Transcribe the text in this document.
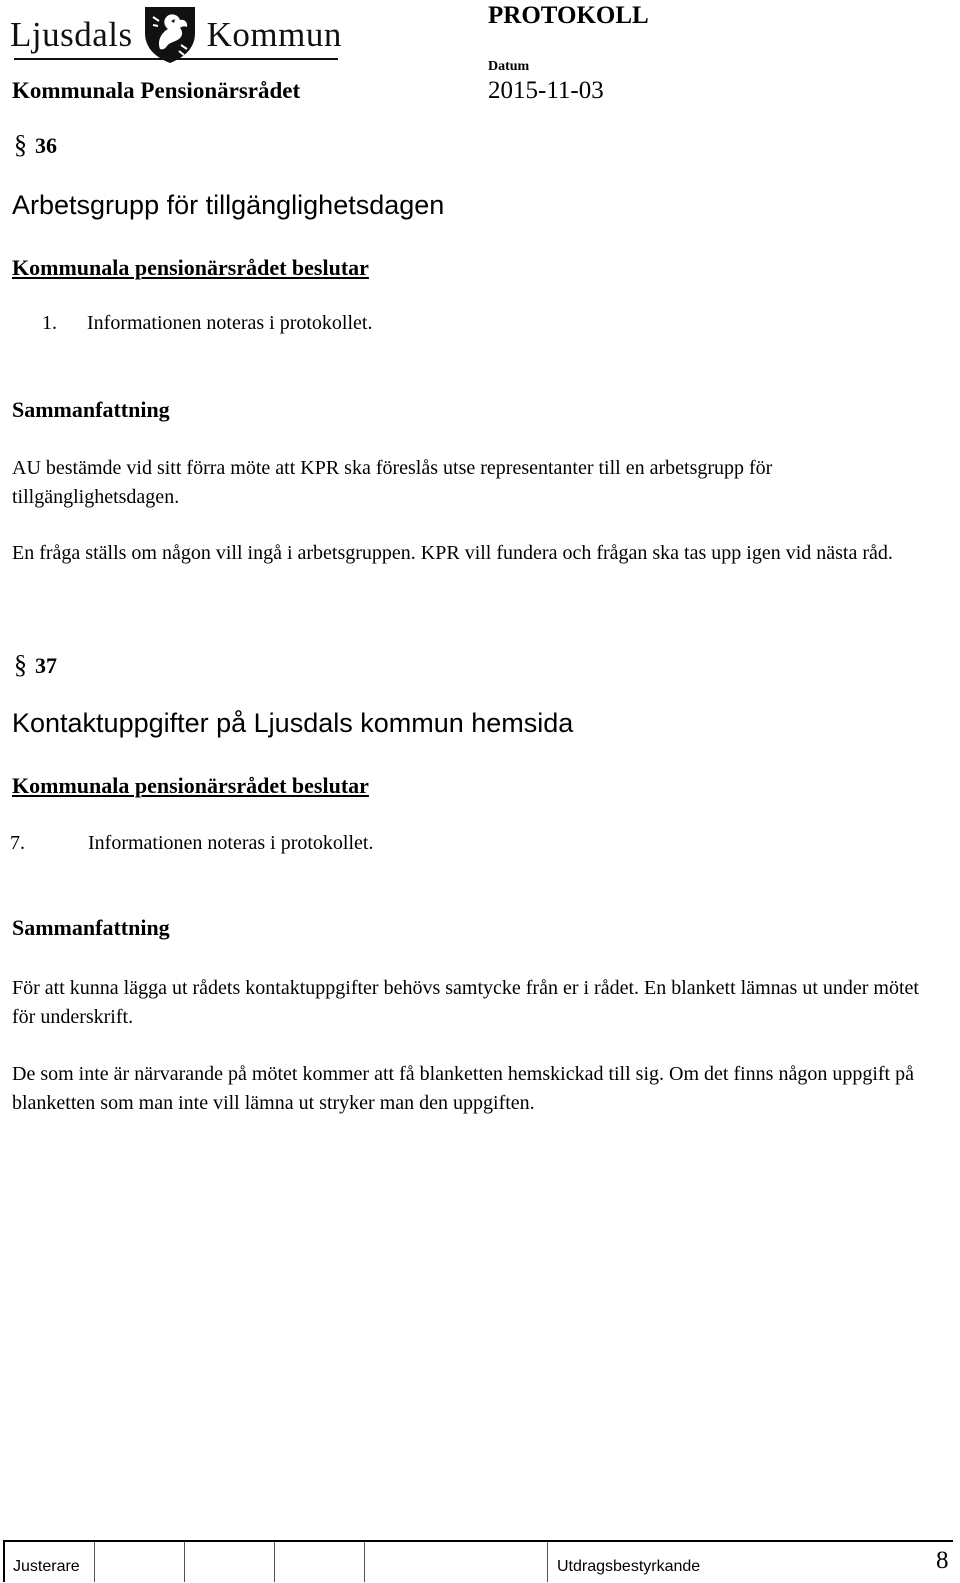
Ljusdals Kommun	PROTOKOLL
Kommunala Pensionärsrådet
Datum
2015-11-03
§ 36
Arbetsgrupp för tillgänglighetsdagen
Kommunala pensionärsrådet beslutar
1.	Informationen noteras i protokollet.
Sammanfattning

AU bestämde vid sitt förra möte att KPR ska föreslås utse representanter till en arbetsgrupp för tillgänglighetsdagen.

En fråga ställs om någon vill ingå i arbetsgruppen. KPR vill fundera och frågan ska tas upp igen vid nästa råd.

§ 37
Kontaktuppgifter på Ljusdals kommun hemsida
Kommunala pensionärsrådet beslutar
7.	Informationen noteras i protokollet.
Sammanfattning

För att kunna lägga ut rådets kontaktuppgifter behövs samtycke från er i rådet. En blankett lämnas ut under mötet för underskrift.

De som inte är närvarande på mötet kommer att få blanketten hemskickad till sig. Om det finns någon uppgift på blanketten som man inte vill lämna ut stryker man den uppgiften.

Justerare	Utdragsbestyrkande	8
